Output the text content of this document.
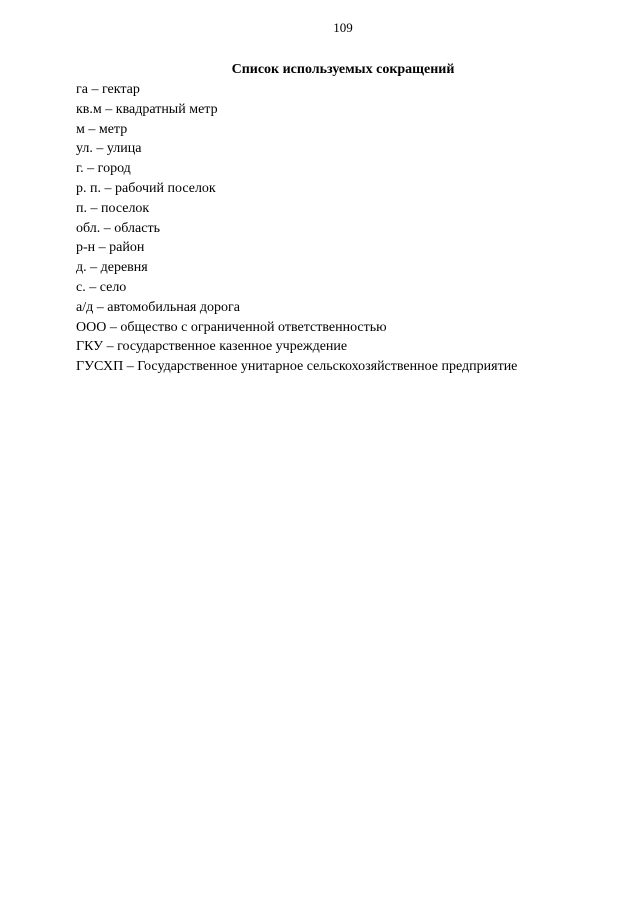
109
Список используемых сокращений
га – гектар
кв.м – квадратный метр
м – метр
ул. – улица
г. – город
р. п. – рабочий поселок
п. – поселок
обл. – область
р-н – район
д. – деревня
с. – село
а/д – автомобильная дорога
ООО – общество с ограниченной ответственностью
ГКУ – государственное казенное учреждение
ГУСХП – Государственное унитарное сельскохозяйственное предприятие
